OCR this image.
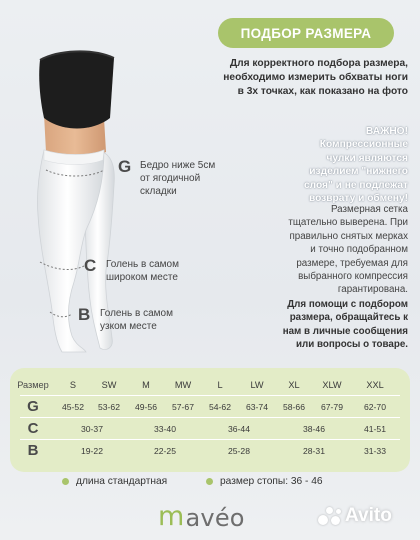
ПОДБОР РАЗМЕРА
Для корректного подбора размера,
необходимо измерить обхваты ноги
в 3х точках, как показано на фото
ВАЖНО!
Компрессионные
чулки являются
изделием "нижнего
слоя" и не подлежат
возврату и обмену!
Размерная сетка
тщательно выверена. При
правильно снятых мерках
и точно подобранном
размере, требуемая для
выбранного компрессия
гарантирована.
Для помощи с подбором
размера, обращайтесь к
нам в личные сообщения
или вопросы о товаре.
G Бедро ниже 5см
от ягодичной
складки
C Голень в самом
широком месте
B Голень в самом
узком месте
Размер	S	SW	M	MW	L	LW	XL	XLW	XXL
G	45-52	53-62	49-56	57-67	54-62	63-74	58-66	67-79	62-70
C	30-37	33-40	36-44	38-46	41-51
B	19-22	22-25	25-28	28-31	31-33
длина стандартная	размер стопы: 36 - 46
m avéo	Avito
